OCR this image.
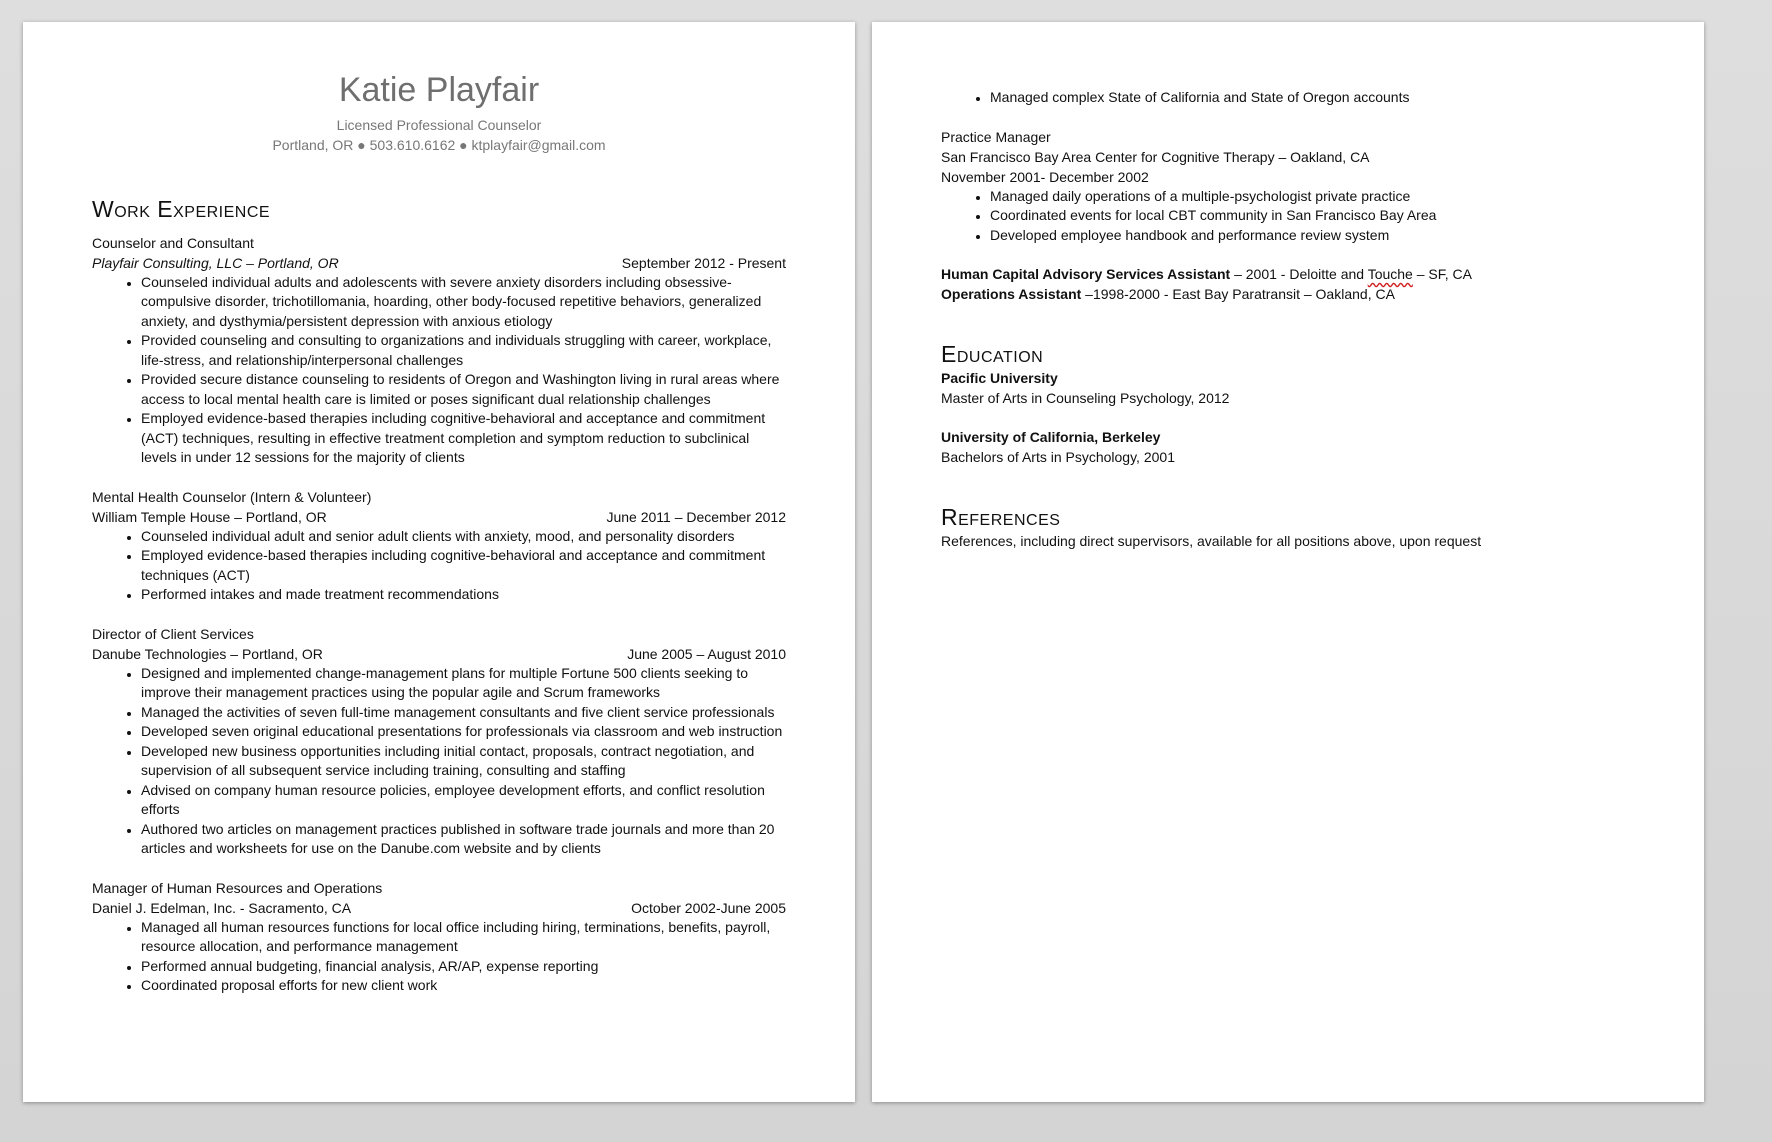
Katie Playfair
Licensed Professional Counselor
Portland, OR ● 503.610.6162 ● ktplayfair@gmail.com
Work Experience
Counselor and Consultant
Playfair Consulting, LLC – Portland, OR	September 2012 - Present
• Counseled individual adults and adolescents with severe anxiety disorders including obsessive-compulsive disorder, trichotillomania, hoarding, other body-focused repetitive behaviors, generalized anxiety, and dysthymia/persistent depression with anxious etiology
• Provided counseling and consulting to organizations and individuals struggling with career, workplace, life-stress, and relationship/interpersonal challenges
• Provided secure distance counseling to residents of Oregon and Washington living in rural areas where access to local mental health care is limited or poses significant dual relationship challenges
• Employed evidence-based therapies including cognitive-behavioral and acceptance and commitment (ACT) techniques, resulting in effective treatment completion and symptom reduction to subclinical levels in under 12 sessions for the majority of clients
Mental Health Counselor (Intern & Volunteer)
William Temple House – Portland, OR	June 2011 – December 2012
• Counseled individual adult and senior adult clients with anxiety, mood, and personality disorders
• Employed evidence-based therapies including cognitive-behavioral and acceptance and commitment techniques (ACT)
• Performed intakes and made treatment recommendations
Director of Client Services
Danube Technologies – Portland, OR	June 2005 – August 2010
• Designed and implemented change-management plans for multiple Fortune 500 clients seeking to improve their management practices using the popular agile and Scrum frameworks
• Managed the activities of seven full-time management consultants and five client service professionals
• Developed seven original educational presentations for professionals via classroom and web instruction
• Developed new business opportunities including initial contact, proposals, contract negotiation, and supervision of all subsequent service including training, consulting and staffing
• Advised on company human resource policies, employee development efforts, and conflict resolution efforts
• Authored two articles on management practices published in software trade journals and more than 20 articles and worksheets for use on the Danube.com website and by clients
Manager of Human Resources and Operations
Daniel J. Edelman, Inc. - Sacramento, CA	October 2002-June 2005
• Managed all human resources functions for local office including hiring, terminations, benefits, payroll, resource allocation, and performance management
• Performed annual budgeting, financial analysis, AR/AP, expense reporting
• Coordinated proposal efforts for new client work
• Managed complex State of California and State of Oregon accounts
Practice Manager
San Francisco Bay Area Center for Cognitive Therapy – Oakland, CA
November 2001- December 2002
• Managed daily operations of a multiple-psychologist private practice
• Coordinated events for local CBT community in San Francisco Bay Area
• Developed employee handbook and performance review system
Human Capital Advisory Services Assistant – 2001 - Deloitte and Touche – SF, CA
Operations Assistant –1998-2000 - East Bay Paratransit – Oakland, CA
Education
Pacific University
Master of Arts in Counseling Psychology, 2012
University of California, Berkeley
Bachelors of Arts in Psychology, 2001
References
References, including direct supervisors, available for all positions above, upon request
